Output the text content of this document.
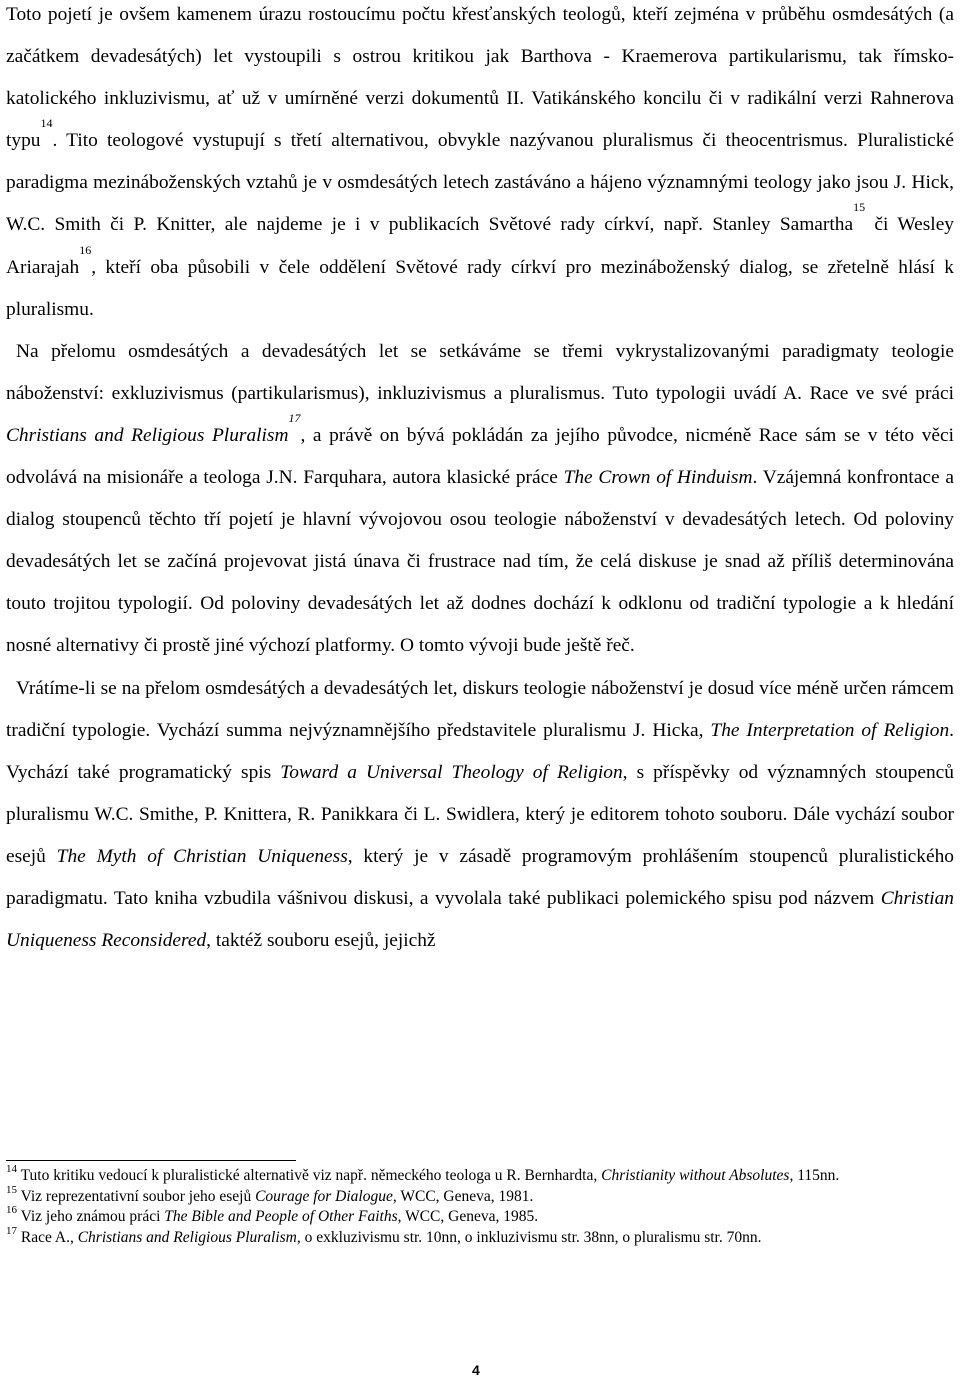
Toto pojetí je ovšem kamenem úrazu rostoucímu počtu křesťanských teologů, kteří zejména v průběhu osmdesátých (a začátkem devadesátých) let vystoupili s ostrou kritikou jak Barthova - Kraemerova partikularismu, tak římsko-katolického inkluzivismu, ať už v umírněné verzi dokumentů II. Vatikánského koncilu či v radikální verzi Rahnerova typu$^{14}$. Tito teologové vystupují s třetí alternativou, obvykle nazývanou pluralismus či theocentrismus. Pluralistické paradigma mezináboženských vztahů je v osmdesátých letech zastáváno a hájeno významnými teology jako jsou J. Hick, W.C. Smith či P. Knitter, ale najdeme je i v publikacích Světové rady církví, např. Stanley Samartha$^{15}$ či Wesley Ariarajah$^{16}$, kteří oba působili v čele oddělení Světové rady církví pro mezináboženský dialog, se zřetelně hlásí k pluralismu.

Na přelomu osmdesátých a devadesátých let se setkáváme se třemi vykrystalizovanými paradigmaty teologie náboženství: exkluzivismus (partikularismus), inkluzivismus a pluralismus. Tuto typologii uvádí A. Race ve své práci Christians and Religious Pluralism$^{17}$, a právě on bývá pokládán za jejího původce, nicméně Race sám se v této věci odvolává na misionáře a teologa J.N. Farquhara, autora klasické práce The Crown of Hinduism. Vzájemná konfrontace a dialog stoupenců těchto tří pojetí je hlavní vývojovou osou teologie náboženství v devadesátých letech. Od poloviny devadesátých let se začíná projevovat jistá únava či frustrace nad tím, že celá diskuse je snad až příliš determinována touto trojitou typologií. Od poloviny devadesátých let až dodnes dochází k odklonu od tradiční typologie a k hledání nosné alternativy či prostě jiné výchozí platformy. O tomto vývoji bude ještě řeč.

Vrátíme-li se na přelom osmdesátých a devadesátých let, diskurs teologie náboženství je dosud více méně určen rámcem tradiční typologie. Vychází summa nejvýznamnějšího představitele pluralismu J. Hicka, The Interpretation of Religion. Vychází také programatický spis Toward a Universal Theology of Religion, s příspěvky od významných stoupenců pluralismu W.C. Smithe, P. Knittera, R. Panikkara či L. Swidlera, který je editorem tohoto souboru. Dále vychází soubor esejů The Myth of Christian Uniqueness, který je v zásadě programovým prohlášením stoupenců pluralistického paradigmatu. Tato kniha vzbudila vášnivou diskusi, a vyvolala také publikaci polemického spisu pod názvem Christian Uniqueness Reconsidered, taktéž souboru esejů, jejichž

$^{14}$ Tuto kritiku vedoucí k pluralistické alternativě viz např. německého teologa u R. Bernhardta, Christianity without Absolutes, 115nn.

$^{15}$ Viz reprezentativní soubor jeho esejů Courage for Dialogue, WCC, Geneva, 1981.

$^{16}$ Viz jeho známou práci The Bible and People of Other Faiths, WCC, Geneva, 1985.

$^{17}$ Race A., Christians and Religious Pluralism, o exkluzivismu str. 10nn, o inkluzivismu str. 38nn, o pluralismu str. 70nn.

4
